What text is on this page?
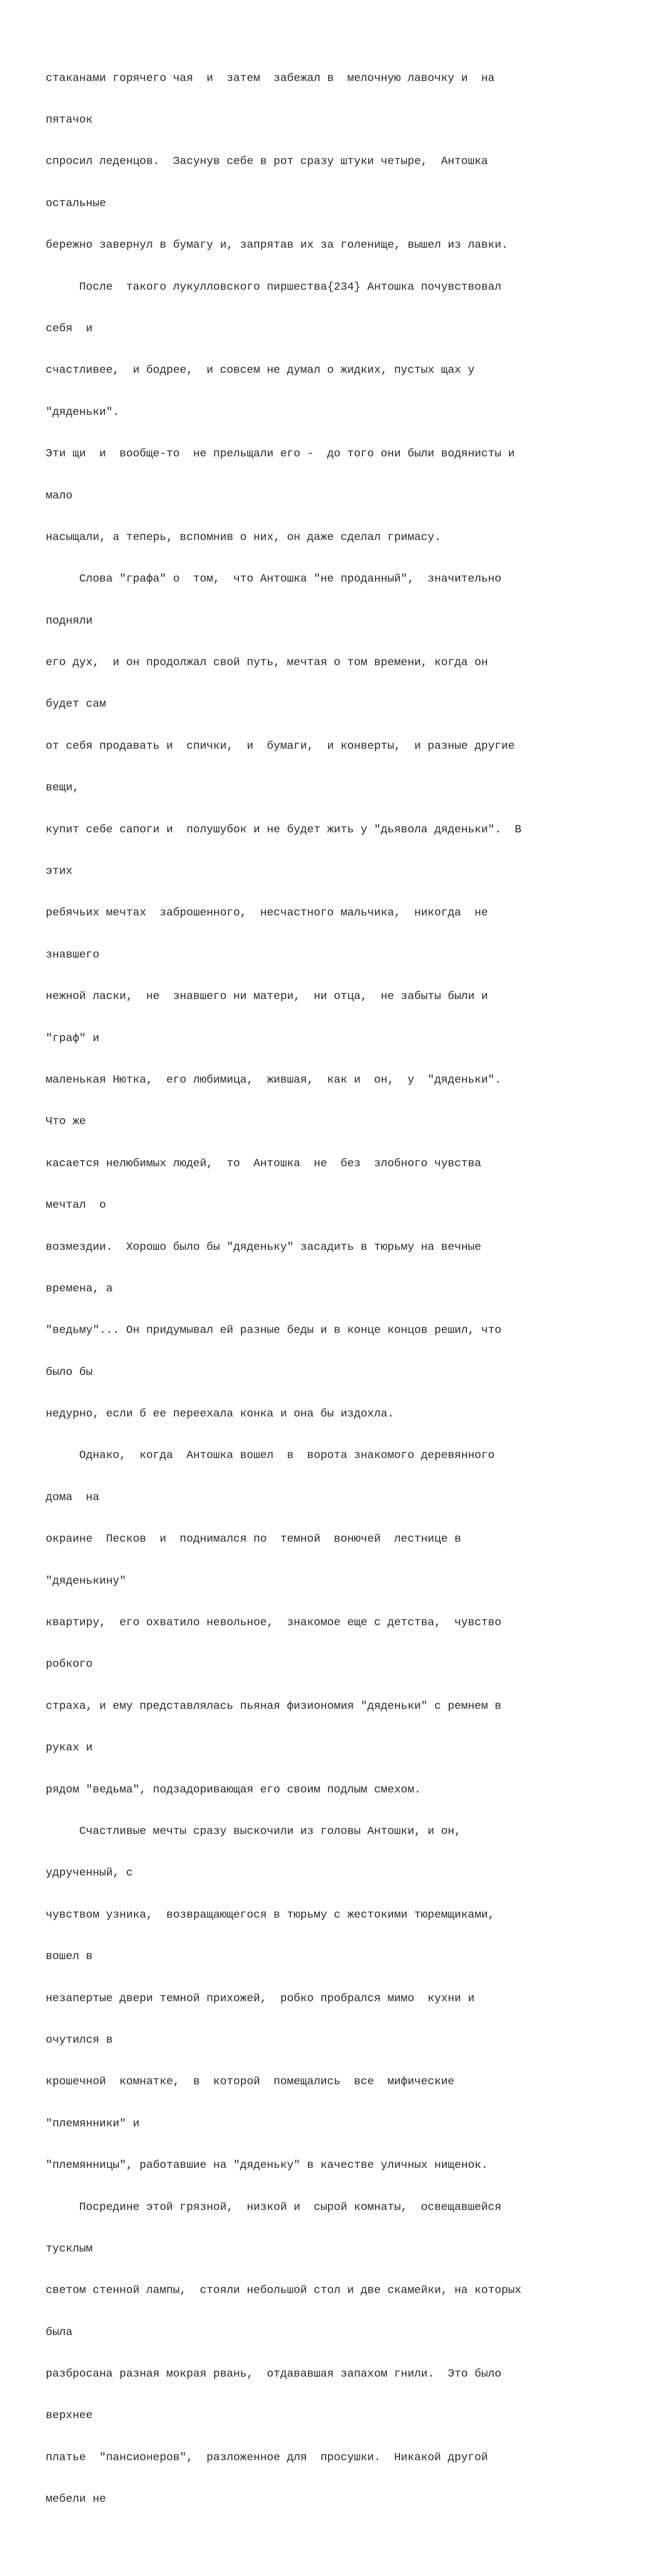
стаканами горячего чая  и  затем  забежал в  мелочную лавочку и  на

пятачок

спросил леденцов.  Засунув себе в рот сразу штуки четыре,  Антошка

остальные

бережно завернул в бумагу и, запрятав их за голенище, вышел из лавки.

После  такого лукулловского пиршества{234} Антошка почувствовал

себя  и

счастливее,  и бодрее,  и совсем не думал о жидких, пустых щах у

"дяденьки".

Эти щи  и  вообще-то  не прельщали его -  до того они были водянисты и

мало

насыщали, а теперь, вспомнив о них, он даже сделал гримасу.

Слова "графа" о  том,  что Антошка "не проданный",  значительно

подняли

его дух,  и он продолжал свой путь, мечтая о том времени, когда он

будет сам

от себя продавать и  спички,  и  бумаги,  и конверты,  и разные другие

вещи,

купит себе сапоги и  полушубок и не будет жить у "дьявола дяденьки".  В

этих

ребячьих мечтах  заброшенного,  несчастного мальчика,  никогда  не

знавшего

нежной ласки,  не  знавшего ни матери,  ни отца,  не забыты были и

"граф" и

маленькая Нютка,  его любимица,  жившая,  как и  он,  у  "дяденьки".

Что же

касается нелюбимых людей,  то  Антошка  не  без  злобного чувства

мечтал  о

возмездии.  Хорошо было бы "дяденьку" засадить в тюрьму на вечные

времена, а

"ведьму"... Он придумывал ей разные беды и в конце концов решил, что

было бы

недурно, если б ее переехала конка и она бы издохла.

Однако,  когда  Антошка вошел  в  ворота знакомого деревянного

дома  на

окраине  Песков  и  поднимался по  темной  вонючей  лестнице в

"дяденькину"

квартиру,  его охватило невольное,  знакомое еще с детства,  чувство

робкого

страха, и ему представлялась пьяная физиономия "дяденьки" с ремнем в

руках и

рядом "ведьма", подзадоривающая его своим подлым смехом.

Счастливые мечты сразу выскочили из головы Антошки, и он,

удрученный, с

чувством узника,  возвращающегося в тюрьму с жестокими тюремщиками,

вошел в

незапертые двери темной прихожей,  робко пробрался мимо  кухни и

очутился в

крошечной  комнатке,  в  которой  помещались  все  мифические

"племянники" и

"племянницы", работавшие на "дяденьку" в качестве уличных нищенок.

Посредине этой грязной,  низкой и  сырой комнаты,  освещавшейся

тусклым

светом стенной лампы,  стояли небольшой стол и две скамейки, на которых

была

разбросана разная мокрая рвань,  отдававшая запахом гнили.  Это было

верхнее

платье  "пансионеров",  разложенное для  просушки.  Никакой другой

мебели не
